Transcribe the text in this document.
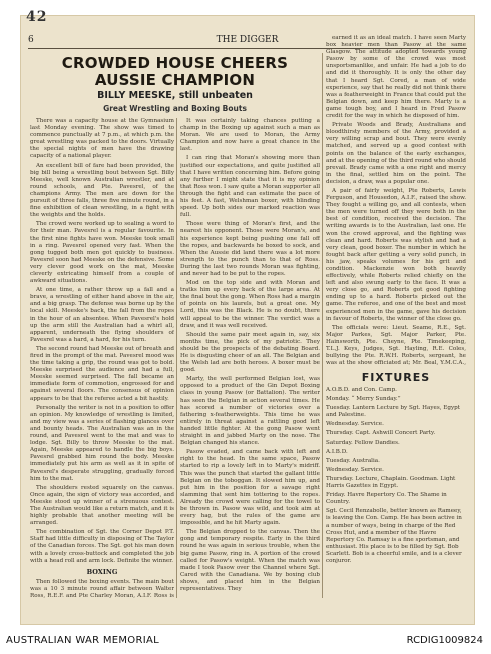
42
6	THE DIGGER
CROWDED HOUSE CHEERS AUSSIE CHAMPION
BILLY MEESKE, still unbeaten
Great Wrestling and Boxing Bouts

There was a capacity house at the Gymnasium last Monday evening. The show was timed to commence punctually at 7 p.m., at which p.m. the great wrestling was packed to the doors. Virtually the special nights of men have the drawing capacity of a national player.

An excellent bill of fare had been provided, the big bill being a wrestling bout between Sgt. Billy Meeske, well known Australian wrestler, and at round schools, and Pte. Pavesrel, of the champions Army. The men are down for the pursuit of three falls, three five minute round, in a fine exhibition of clean wrestling, in a fight with the weights and the holds.

The crowd were worked up to sealing a word to for their man. Pavesrel is a regular favourite. In the first nine fights have won. Meeske took small in a ring. Pavesrel opened very fast. When the gong tugged both men got quickly to business. Pavesrel soon had Meeske on the defensive. Some very clever good work on the mat, Meeske cleverly extricating himself from a couple of awkward situations.

At one time, a rather throw up a fall and a brave, a wrestling of either hand above in the air, and a big grasp. The defense was borne up by the local skill. Meeske's back, the fall from the ropes in the hour of an absentee. When Pavesrel's hold up the arm still the Australian had a whirl all, apparent, underneath the flying shoulders of Pavesrel was a hard, a hard, for his turn.

The second round had Meeske out of breath and fired in the prompt of the mat. Pavesrel mood was the time taking a grip, the round was got to bold. Meeske surprised the audience and had a full, Meeske seemed surprised. The fall became an immediate form of commotion, engrossed for and against several floors. The consensus of opinion appears to be that the referee acted a bit hastily.

Personally the writer is not in a position to offer an opinion. My knowledge of wrestling is limited, and my view was a series of flashing glances over and bounty heads. The Australian was an in the round, and Pavesrel went to the mat and was to lodge. Sgt. Billy to throw Meeske to the mat. Again, Meeske appeared to handle the big boys. Pavesrel grabbed him round the body. Meeske immediately put his arm as well as it in spite of Pavesrel's desperate struggling, gradually forced him to the mat.

The shoulders rested squarely on the canvas. Once again, the sign of victory was accorded, and Meeske stood up winner of a strenuous contest. The Australian would like a return match, and it is highly probable that another meeting will be arranged.

The combination of Sgt. the Corner Depot P.T. Staff had little difficulty in disposing of The Taylor of the Canadian forces. The Sgt. got his man down with a lovely cross-buttock and completed the job with a head roll and arm lock. Definite the winner.

BOXING

Then followed the boxing events. The main bout was a 10 3 minute round affair between Walter Ross, R.E.F. and Pte Charley Moran, A.I.F. Ross is

It was certainly taking chances putting a champ in the Boxing up against such a man as Moran. We are used to Moran, the Army Champion and now have a great chance in the last.

I can ring that Moran's showing more than justified our expectations, and quite justified all that I have written concerning him. Before going any further I might state that it is my opinion that Ross won. I saw quite a Moran supporter all through the fight and can estimate the pace of his feet. A fast, Welshman boxer, with blinding speed. Up both sides our marked reaction was full.

Those were thing of Moran's first, and the nearest his opponent. Those were Moran's, and his experience kept being pushing one fall off the ropes, and backwards he boxed to sock, and When the Aussie did land there was a lot more strength to the punch than to that of Ross. During the last two rounds Moran was fighting, and never had to be put to the ropes.

Mod on the top side and with Moran and tratks him up every back of the large area. At the final bout the gong. When Ross had a margin of points on his laurels, but a great one. My Lord, this was the Black. He is no doubt, there will appeal to be the winner. The verdict was a draw, and it was well received.

Should the same pair meet again in, say, six months time, the pick of my patriotic. They should be the prospects of the debating Board. He is disgusting cheer of an all. The Belgian and the Welsh lad are both heroes. A boxer must be good.

Marty, the well performed Belgian lost, was opposed to a product of the Gin Depot Boxing class in young Pasow (or Battalion). The writer has seen the Belgian in action several times. He has scored a number of victories over a fathering x-featherweights. This time he was entirely in threat against a rattling good left handed little fighter. At the gong Pasow went straight in and jabbed Marty on the nose. The Belgian changed his stance.

Pasow evaded, and came back with left and right to the head. In the same space, Pasow started to rip a lovely left in to Marty's midriff. This was the punch that started the gallant little Belgian on the toboggan. It slowed him up, and put him in the position for a savage right slamming that sent him tottering to the ropes. Already the crowd were calling for the towel to be thrown in. Pasow was wild, and took aim at every hag, but the rules of the game are impossible, and he hit Marty again.

The Belgian dropped to the canvas. Then the gong and temporary respite. Early in the third round he was again in serious trouble, when the big game Pasow, ring in. A portion of the crowd called for Pasow's weight. When the match was made I took Pasow over the Channel where Sgt. Cared with the Canadiana. We by boxing club shows, and placed him in the Belgian representatives. They

earned it as an ideal match. I have seen Marty box heavier men than Pasow at the same Glasgow. The attitude adopted towards young Pasow by some of the crowd was most unsportsmanlike, and unfair. He had a job to do and did it thoroughly. It is only the other day that I heard Sgt. Cored, a man of wide experience, say that he really did not think there was a featherweight in France that could put the Belgian down, and keep him there. Marty is a game tough boy, and I heard in Fred Pasow credit for the way in which he disposed of him.

Private Woods and Brady, Australians and bloodthirsty members of the Army, provided a very willing scrap and bout. They were evenly matched, and served up a good contest with points on the balance of the early exchanges, and at the opening of the third round who should prevail. Brady came with a one right and mercy in the final, settled him on the point. The decision, a draw, was a popular one.

A pair of fairly weight, Pte Roberts, Lewis Ferguson, and Housedon, A.I.F., raised the show. They fought a willing go, and all contests, when the men were turned off they were both in the best of condition, received the decision. The writing awards is to the Australian, last one. He won the crowd approval, and the fighting was clean and hard. Roberts was stylish and had a very clean, good boxer. The number in which he fought back after getting a very solid punch, in his jaw, speaks volumes for his grit and condition. Mackenzie won both heavily effectively, while Roberts relied chiefly on the left and also swung early to the face. It was a very close go, and Roberts got good fighting ending up to a hard. Roberts picked out the game. The referee, and one of the best and most experienced men in the game, gave his decision in favour of Roberts, the winner of the close go.

The officials were: Lieut. Seame, R.E., Sgt. Major Parkes, Sgt. Major Parker, Pte. Hainsworth, Pte. Cheyne, Pte. Timekeeping, T.L.J. Keys, Judges, Sgt. Hayling, R.E. Coles, bullying the Pte. R.W.H. Roberts, sergeant, he was at the show officiated at; Mr. Beal, Y.M.C.A.,

FIXTURES

A.O.B.D. and Con. Camp.

Monday. “ Merry Sunday.”

Tuesday. Lantern Lecture by Sgt. Hayes, Egypt and Palestine.

Wednesday. Service.

Thursday. Capt. Ashwill Concert Party.

Saturday. Fellow Dandies.

A.I.B.D.

Tuesday. Australia.

Wednesday. Service.

Thursday. Lecture, Chaplain. Goodman. Light Harris Gazettes in Egypt.

Friday. Havre Repertory Co. The Shame in Country.

Sgt. Cecil Renzabolle, better known as Rameey, is leaving the Con. Camp. He has been active in a number of ways, being in charge of the Red Cross Hut, and a member of the Havre Repertory Co. Ramsay is a fine sportsman, and enthusiast. His place is to be filled by Sgt. Bob Scarlett. Bob is a cheerful smile, and is a clever conjuror.

AUSTRALIAN WAR MEMORIAL	RCDIG1009824
